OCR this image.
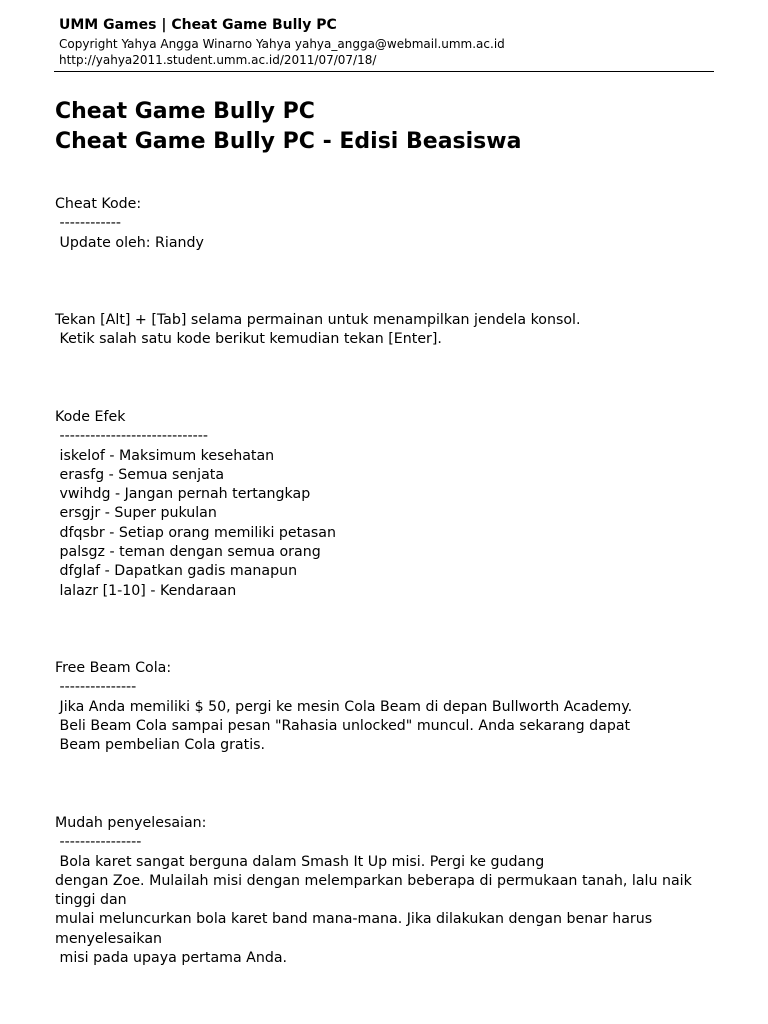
UMM Games | Cheat Game Bully PC
Copyright Yahya Angga Winarno Yahya yahya_angga@webmail.umm.ac.id
http://yahya2011.student.umm.ac.id/2011/07/07/18/
Cheat Game Bully PC
Cheat Game Bully PC - Edisi Beasiswa
Cheat Kode:
------------
Update oleh: Riandy
Tekan [Alt] + [Tab] selama permainan untuk menampilkan jendela konsol.
Ketik salah satu kode berikut kemudian tekan [Enter].
Kode Efek
-----------------------------
iskelof - Maksimum kesehatan
erasfg - Semua senjata
vwihdg - Jangan pernah tertangkap
ersgjr - Super pukulan
dfqsbr - Setiap orang memiliki petasan
palsgz - teman dengan semua orang
dfglaf - Dapatkan gadis manapun
lalazr [1-10] - Kendaraan
Free Beam Cola:
---------------
Jika Anda memiliki $ 50, pergi ke mesin Cola Beam di depan Bullworth Academy.
Beli Beam Cola sampai pesan "Rahasia unlocked" muncul. Anda sekarang dapat
Beam pembelian Cola gratis.
Mudah penyelesaian:
----------------
Bola karet sangat berguna dalam Smash It Up misi. Pergi ke gudang
dengan Zoe. Mulailah misi dengan melemparkan beberapa di permukaan tanah, lalu naik tinggi dan
mulai meluncurkan bola karet band mana-mana. Jika dilakukan dengan benar harus menyelesaikan
misi pada upaya pertama Anda.
